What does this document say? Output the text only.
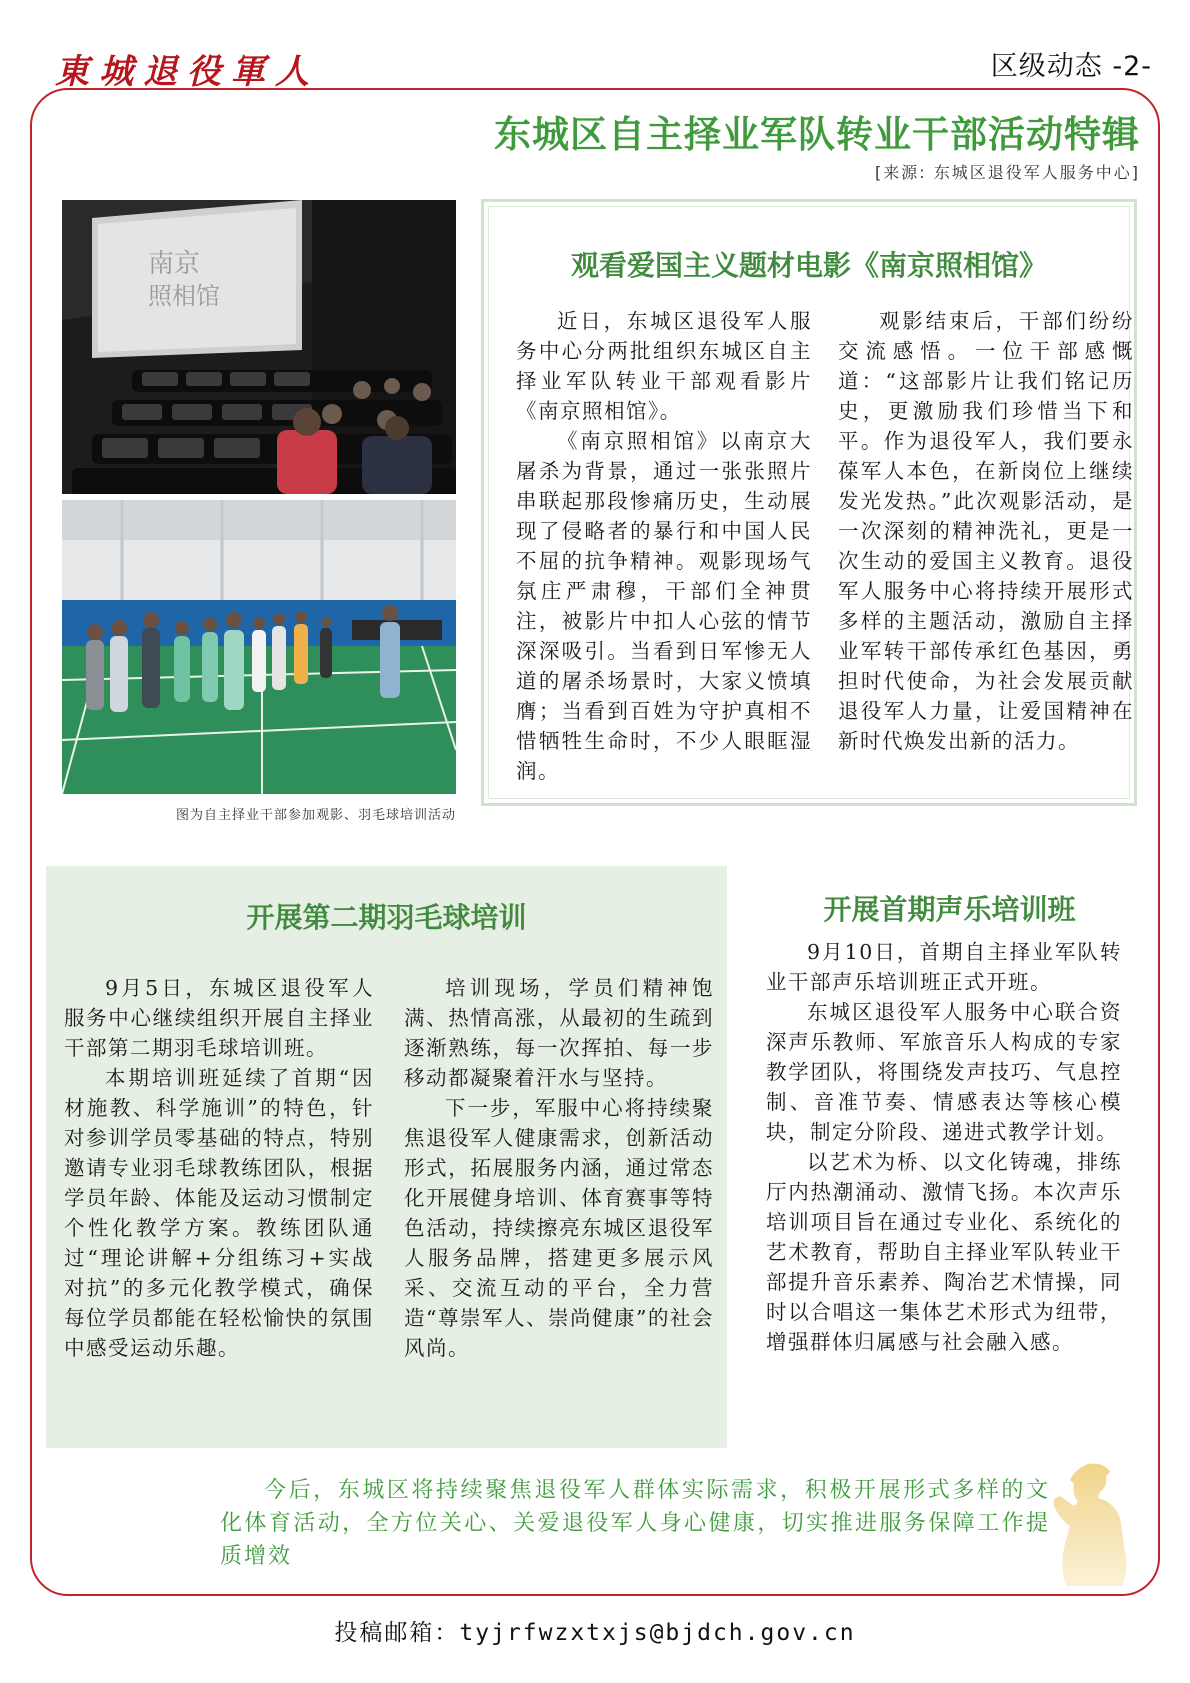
東城退役軍人	区级动态 -2-
东城区自主择业军队转业干部活动特辑
[来源: 东城区退役军人服务中心]
南京
照相馆
图为自主择业干部参加观影、羽毛球培训活动
观看爱国主义题材电影《南京照相馆》

近日，东城区退役军人服务中心分两批组织东城区自主择业军队转业干部观看影片《南京照相馆》。

《南京照相馆》以南京大屠杀为背景，通过一张张照片串联起那段惨痛历史，生动展现了侵略者的暴行和中国人民不屈的抗争精神。观影现场气氛庄严肃穆，干部们全神贯注，被影片中扣人心弦的情节深深吸引。当看到日军惨无人道的屠杀场景时，大家义愤填膺；当看到百姓为守护真相不惜牺牲生命时，不少人眼眶湿润。

观影结束后，干部们纷纷交流感悟。一位干部感慨道：“这部影片让我们铭记历史，更激励我们珍惜当下和平。作为退役军人，我们要永葆军人本色，在新岗位上继续发光发热。”此次观影活动，是一次深刻的精神洗礼，更是一次生动的爱国主义教育。退役军人服务中心将持续开展形式多样的主题活动，激励自主择业军转干部传承红色基因，勇担时代使命，为社会发展贡献退役军人力量，让爱国精神在新时代焕发出新的活力。

开展第二期羽毛球培训

9月5日，东城区退役军人服务中心继续组织开展自主择业干部第二期羽毛球培训班。

本期培训班延续了首期“因材施教、科学施训”的特色，针对参训学员零基础的特点，特别邀请专业羽毛球教练团队，根据学员年龄、体能及运动习惯制定个性化教学方案。教练团队通过“理论讲解+分组练习+实战对抗”的多元化教学模式，确保每位学员都能在轻松愉快的氛围中感受运动乐趣。

培训现场，学员们精神饱满、热情高涨，从最初的生疏到逐渐熟练，每一次挥拍、每一步移动都凝聚着汗水与坚持。

下一步，军服中心将持续聚焦退役军人健康需求，创新活动形式，拓展服务内涵，通过常态化开展健身培训、体育赛事等特色活动，持续擦亮东城区退役军人服务品牌，搭建更多展示风采、交流互动的平台，全力营造“尊崇军人、崇尚健康”的社会风尚。

开展首期声乐培训班

9月10日，首期自主择业军队转业干部声乐培训班正式开班。

东城区退役军人服务中心联合资深声乐教师、军旅音乐人构成的专家教学团队，将围绕发声技巧、气息控制、音准节奏、情感表达等核心模块，制定分阶段、递进式教学计划。

以艺术为桥、以文化铸魂，排练厅内热潮涌动、激情飞扬。本次声乐培训项目旨在通过专业化、系统化的艺术教育，帮助自主择业军队转业干部提升音乐素养、陶冶艺术情操，同时以合唱这一集体艺术形式为纽带，增强群体归属感与社会融入感。

今后，东城区将持续聚焦退役军人群体实际需求，积极开展形式多样的文化体育活动，全方位关心、关爱退役军人身心健康，切实推进服务保障工作提质增效

投稿邮箱：tyjrfwzxtxjs@bjdch.gov.cn
